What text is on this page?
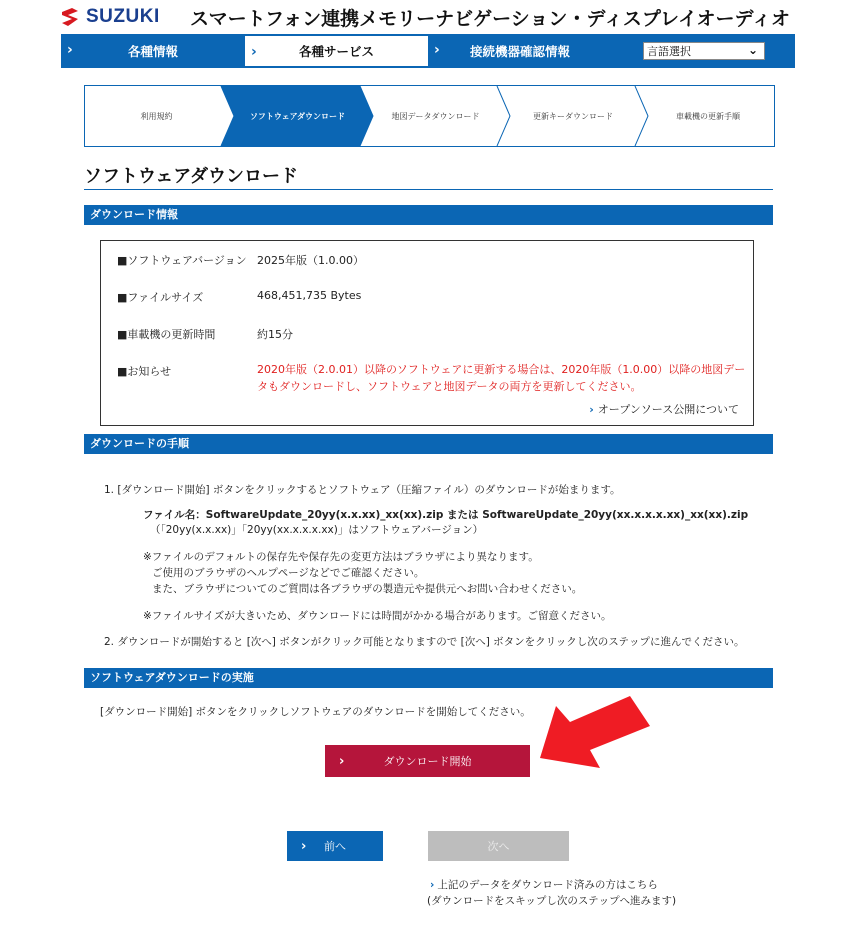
SUZUKI スマートフォン連携メモリーナビゲーション・ディスプレイオーディオ
›	各種情報	›	各種サービス	› 接続機器確認情報	言語選択	⌄
利用規約	ソフトウェアダウンロード	地図データダウンロード	更新キーダウンロード	車載機の更新手順
ソフトウェアダウンロード
ダウンロード情報
■ソフトウェアバージョン 2025年版（1.0.00）
■ファイルサイズ	468,451,735 Bytes
■車載機の更新時間	約15分
■お知らせ	2020年版（2.0.01）以降のソフトウェアに更新する場合は、2020年版（1.0.00）以降の地図データもダウンロードし、ソフトウェアと地図データの両方を更新してください。
› オープンソース公開について
ダウンロードの手順
1. [ダウンロード開始] ボタンをクリックするとソフトウェア（圧縮ファイル）のダウンロードが始まります。
ファイル名：SoftwareUpdate_20yy(x.x.xx)_xx(xx).zip または SoftwareUpdate_20yy(xx.x.x.x.xx)_xx(xx).zip
（「20yy(x.x.xx)」「20yy(xx.x.x.x.xx)」はソフトウェアバージョン）
※ファイルのデフォルトの保存先や保存先の変更方法はブラウザにより異なります。
ご使用のブラウザのヘルプページなどでご確認ください。
また、ブラウザについてのご質問は各ブラウザの製造元や提供元へお問い合わせください。
※ファイルサイズが大きいため、ダウンロードには時間がかかる場合があります。ご留意ください。
2. ダウンロードが開始すると [次へ] ボタンがクリック可能となりますので [次へ] ボタンをクリックし次のステップに進んでください。
ソフトウェアダウンロードの実施
[ダウンロード開始] ボタンをクリックしソフトウェアのダウンロードを開始してください。
›	ダウンロード開始
› 前へ	次へ
› 上記のデータをダウンロード済みの方はこちら
(ダウンロードをスキップし次のステップへ進みます)
